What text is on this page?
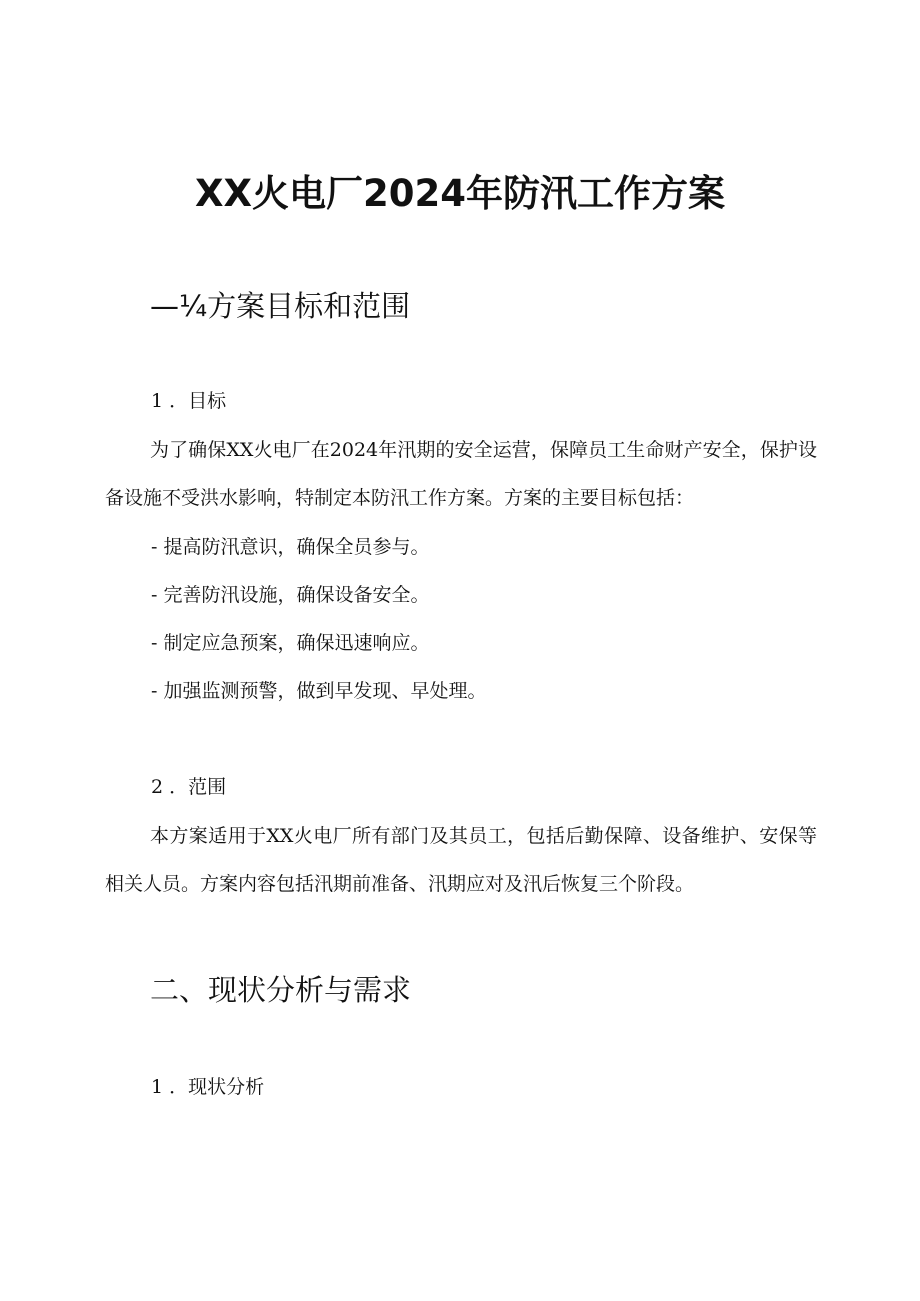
XX火电厂2024年防汛工作方案
—¼方案目标和范围
1 ．目标
为了确保XX火电厂在2024年汛期的安全运营，保障员工生命财产安全，保护设备设施不受洪水影响，特制定本防汛工作方案。方案的主要目标包括：
- 提高防汛意识，确保全员参与。
- 完善防汛设施，确保设备安全。
- 制定应急预案，确保迅速响应。
- 加强监测预警，做到早发现、早处理。
2 ．范围
本方案适用于XX火电厂所有部门及其员工，包括后勤保障、设备维护、安保等相关人员。方案内容包括汛期前准备、汛期应对及汛后恢复三个阶段。
二、现状分析与需求
1 ．现状分析
